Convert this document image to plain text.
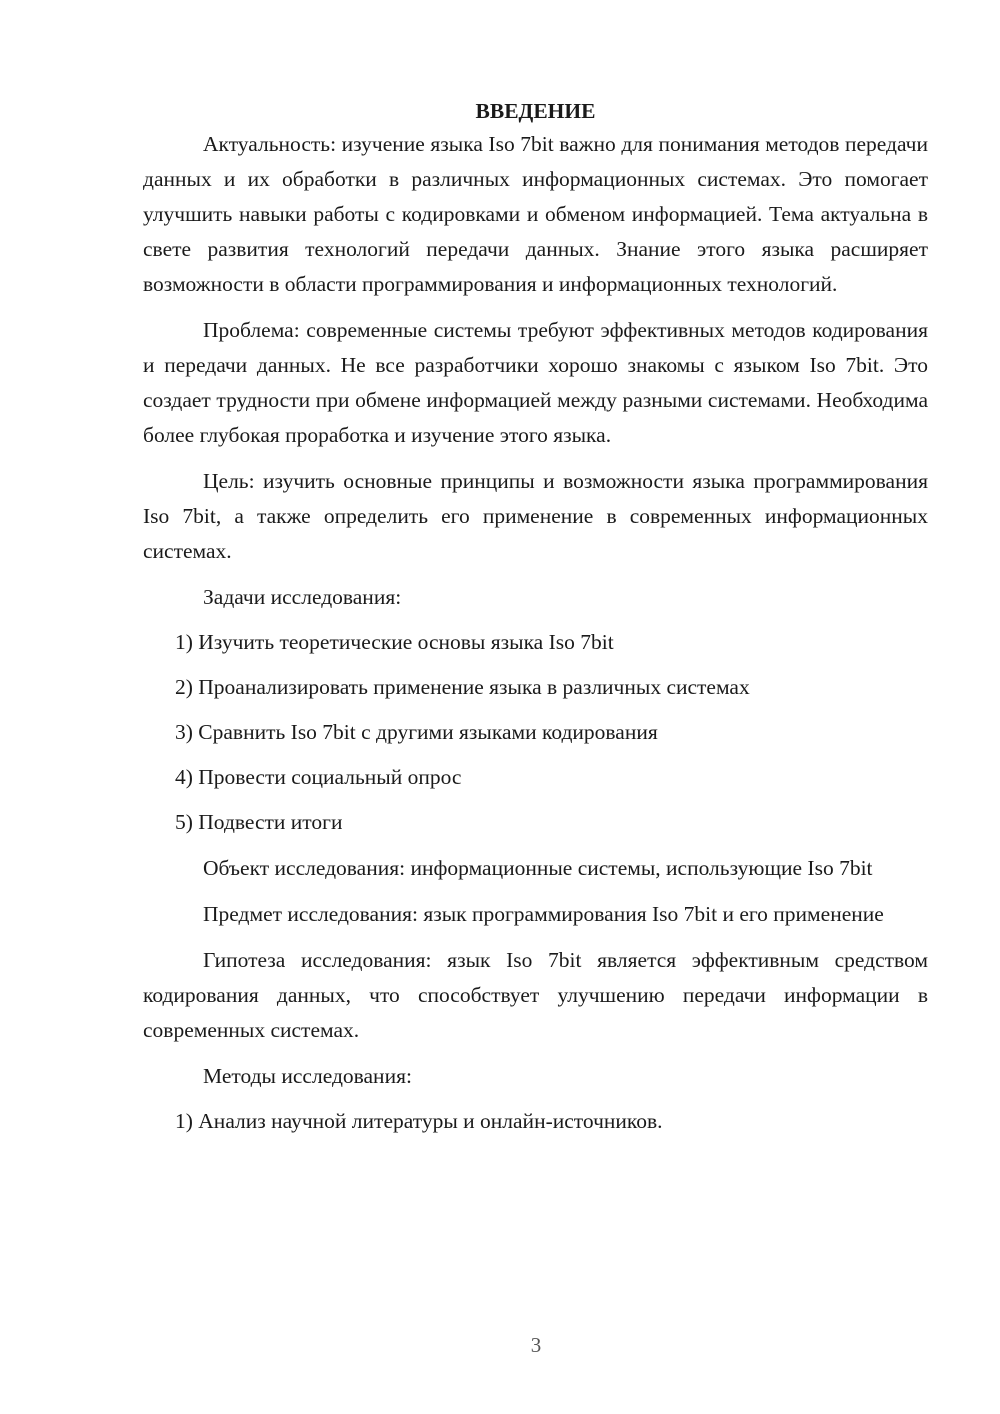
ВВЕДЕНИЕ

Актуальность: изучение языка Iso 7bit важно для понимания методов передачи данных и их обработки в различных информационных системах. Это помогает улучшить навыки работы с кодировками и обменом информацией. Тема актуальна в свете развития технологий передачи данных. Знание этого языка расширяет возможности в области программирования и информационных технологий.

Проблема: современные системы требуют эффективных методов кодирования и передачи данных. Не все разработчики хорошо знакомы с языком Iso 7bit. Это создает трудности при обмене информацией между разными системами. Необходима более глубокая проработка и изучение этого языка.

Цель: изучить основные принципы и возможности языка программирования Iso 7bit, а также определить его применение в современных информационных системах.

Задачи исследования:

1) Изучить теоретические основы языка Iso 7bit
2) Проанализировать применение языка в различных системах
3) Сравнить Iso 7bit с другими языками кодирования
4) Провести социальный опрос
5) Подвести итоги

Объект исследования: информационные системы, использующие Iso 7bit

Предмет исследования: язык программирования Iso 7bit и его применение

Гипотеза исследования: язык Iso 7bit является эффективным средством кодирования данных, что способствует улучшению передачи информации в современных системах.

Методы исследования:

1) Анализ научной литературы и онлайн-источников.
3
